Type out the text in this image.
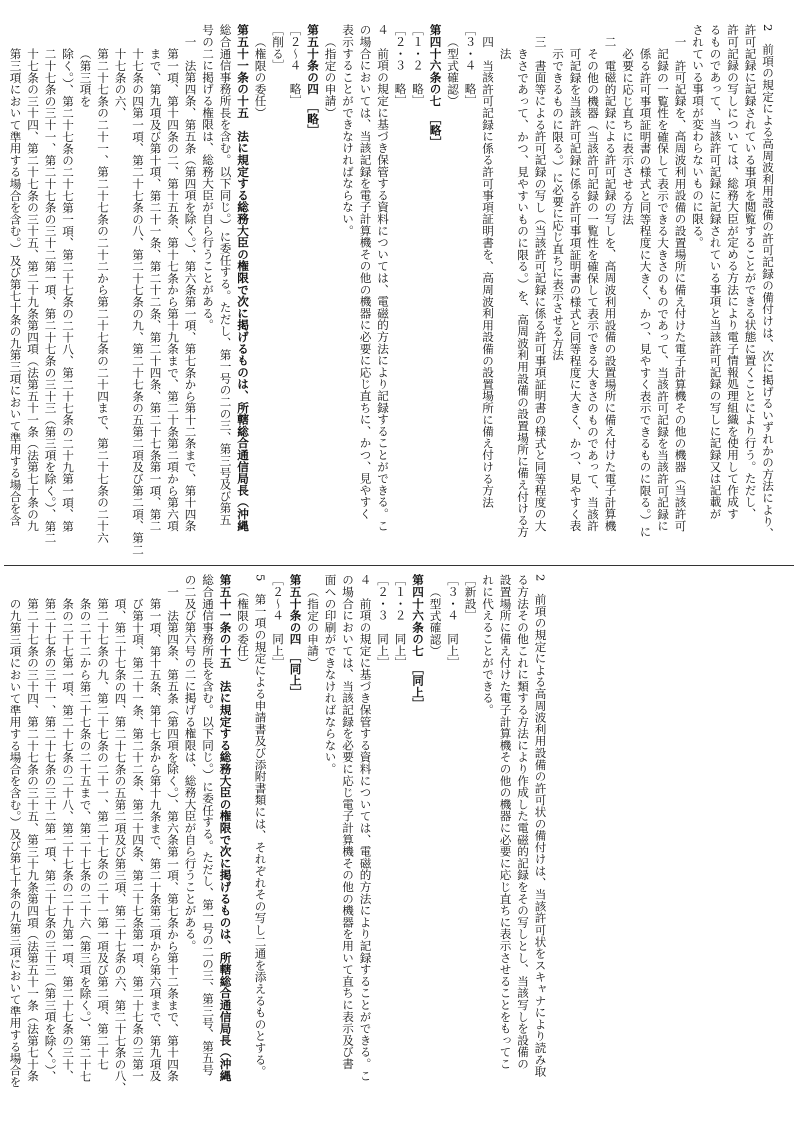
2　前項の規定による高周波利用設備の許可記録の備付けは、次に掲げるいずれかの方法により、
許可記録に記録されている事項を閲覧することができる状態に置くことにより行う。ただし、
許可記録の写しについては、総務大臣が定める方法により電子情報処理組織を使用して作成す
るものであって、当該許可記録に記録されている事項と当該許可記録の写しに記録又は記載が
されている事項が変わらないものに限る。
一　許可記録を、高周波利用設備の設置場所に備え付けた電子計算機その他の機器（当該許可
記録の一覧性を確保して表示できる大きさのものであって、当該許可記録を当該許可記録に
係る許可事項証明書の様式と同等程度に大きく、かつ、見やすく表示できるものに限る。）に
必要に応じ直ちに表示させる方法
二　電磁的記録による許可記録の写しを、高周波利用設備の設置場所に備え付けた電子計算機
その他の機器（当該許可記録の一覧性を確保して表示できる大きさのものであって、当該許
可記録を当該許可記録に係る許可事項証明書の様式と同等程度に大きく、かつ、見やすく表
示できるものに限る。）に必要に応じ直ちに表示させる方法
三　書面等による許可記録の写し（当該許可記録に係る許可事項証明書の様式と同等程度の大
きさであって、かつ、見やすいものに限る。）を、高周波利用設備の設置場所に備え付ける方
法
四　当該許可記録に係る許可事項証明書を、高周波利用設備の設置場所に備え付ける方法
［３・４　略］
（型式確認）
第四十六条の七　［略］
［１・２　略］
［２・３　略］
４　前項の規定に基づき保管する資料については、電磁的方法により記録することができる。こ
の場合においては、当該記録を電子計算機その他の機器に必要に応じ直ちに、かつ、見やすく
表示することができなければならない。
（指定の申請）
第五十条の四　［略］
［２～４　略］
［削る］
（権限の委任）
第五十一条の十五　法に規定する総務大臣の権限で次に掲げるものは、所轄総合通信局長（沖縄
総合通信事務所長を含む。以下同じ。）に委任する。ただし、第一号の二の三、第三号及び第五
号の二に掲げる権限は、総務大臣が自ら行うことがある。
一　法第四条、第五条（第四項を除く。）、第六条第一項、第七条から第十二条まで、第十四条
第一項、第十四条の二、第十五条、第十七条から第十九条まで、第二十条第二項から第六項
まで、第九項及び第十項、第二十一条、第二十二条、第二十四条、第二十七条第一項、第二
十七条の四第一項、第二十七条の八、第二十七条の九、第二十七条の五第二項及び第二項、第二十七条の六、
第二十七条の二十一、第二十七条の二十二から第二十七条の二十四まで、第二十七条の二十六（第三項を
除く。）、第二十七条の二十七第一項、第二十七条の二十八、第二十七条の二十九第一項、第
二十七条の三十一、第二十七条の三十二第一項、第二十七条の三十三（第三項を除く。）、第二
十七条の三十四、第二十七条の三十五、第二十九条第四項（法第五十一条（法第七十条の九
第三項において準用する場合を含む。）及び第七十条の九第三項において準用する場合を含
2　前項の規定による高周波利用設備の許可状の備付けは、当該許可状をスキャナにより読み取
る方法その他これに類する方法により作成した電磁的記録をその写しとし、当該写しを設備の
設置場所に備え付けた電子計算機その他の機器に必要に応じ直ちに表示させることをもってこ
れに代えることができる。
［新設］
［３・４　同上］
（型式確認）
第四十六条の七　［同上］
［１・２　同上］
［２・３　同上］
４　前項の規定に基づき保管する資料については、電磁的方法により記録することができる。こ
の場合においては、当該記録を必要に応じ電子計算機その他の機器を用いて直ちに表示及び書
面への印刷ができなければならない。
（指定の申請）
第五十条の四　［同上］
［２～４　同上］
5　第一項の規定による申請書及び添附書類には、それぞれその写し二通を添えるものとする。
（権限の委任）
第五十一条の十五　法に規定する総務大臣の権限で次に掲げるものは、所轄総合通信局長（沖縄
総合通信事務所長を含む。以下同じ。）に委任する。ただし、第一号の二の三、第三号、第五号
の二及び第六号の二に掲げる権限は、総務大臣が自ら行うことがある。
一　法第四条、第五条（第四項を除く。）、第六条第一項、第七条から第十二条まで、第十四条
第一項、第十五条、第十七条から第十九条まで、第二十条第二項から第六項まで、第九項及
び第十項、第二十一条、第二十二条、第二十四条、第二十七条第一項、第二十七条の三第一
項、第二十七条の四、第二十七条の五第二項及び第三項、第二十七条の六、第二十七条の八、
第二十七条の九、第二十七条の二十一、第二十七条の二十一第一項及び第二項、第二十七
条の二十二から第二十七条の二十五まで、第二十七条の二十六（第三項を除く。）、第二十七
条の二十七第一項、第二十七条の二十八、第二十七条の二十九第一項、第二十七条の三十、
第二十七条の三十一、第二十七条の三十二第一項、第二十七条の三十三（第三項を除く。）、
第二十七条の三十四、第二十七条の三十五、第三十九条第四項（法第五十一条（法第七十条
の九第三項において準用する場合を含む。）及び第七十条の九第三項において準用する場合を
